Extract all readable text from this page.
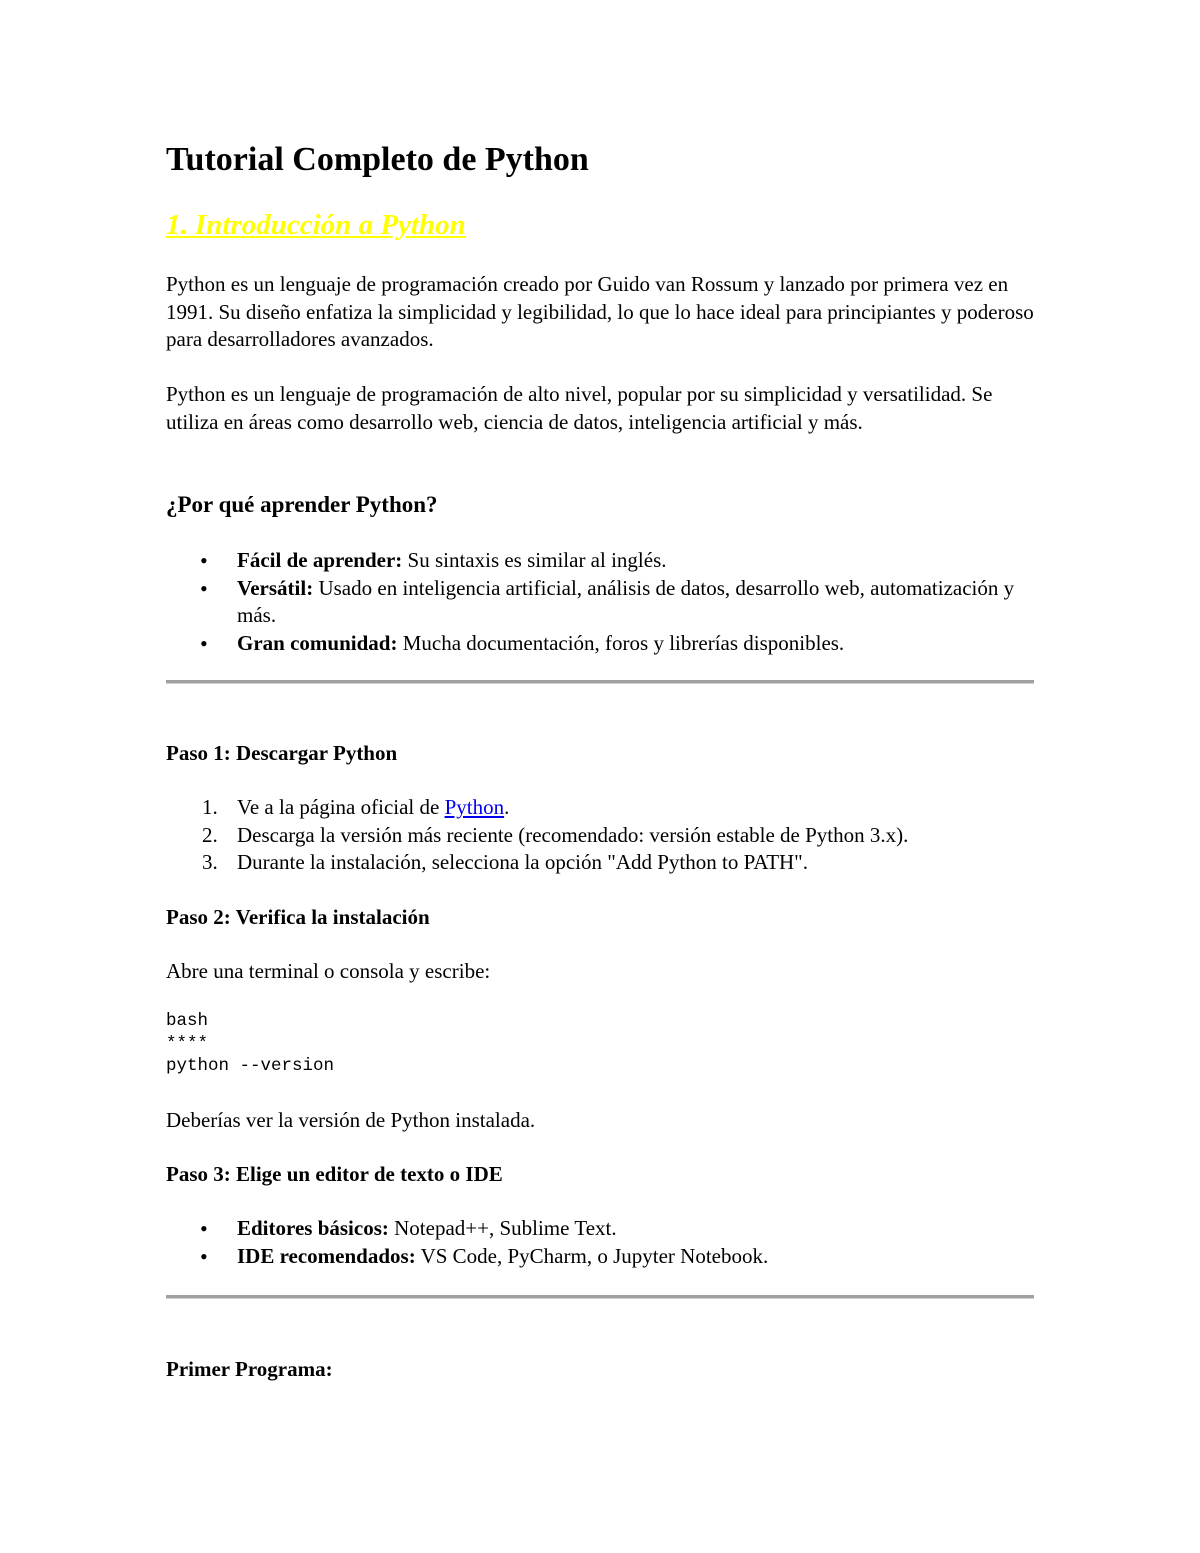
Tutorial Completo de Python
1. Introducción a Python

Python es un lenguaje de programación creado por Guido van Rossum y lanzado por primera vez en 1991. Su diseño enfatiza la simplicidad y legibilidad, lo que lo hace ideal para principiantes y poderoso para desarrolladores avanzados.

Python es un lenguaje de programación de alto nivel, popular por su simplicidad y versatilidad. Se utiliza en áreas como desarrollo web, ciencia de datos, inteligencia artificial y más.

¿Por qué aprender Python?
• Fácil de aprender: Su sintaxis es similar al inglés.
• Versátil: Usado en inteligencia artificial, análisis de datos, desarrollo web, automatización y más.
• Gran comunidad: Mucha documentación, foros y librerías disponibles.
Paso 1: Descargar Python
1. Ve a la página oficial de Python.
2. Descarga la versión más reciente (recomendado: versión estable de Python 3.x).
3. Durante la instalación, selecciona la opción "Add Python to PATH".
Paso 2: Verifica la instalación

Abre una terminal o consola y escribe:

bash
****
python --version

Deberías ver la versión de Python instalada.

Paso 3: Elige un editor de texto o IDE
• Editores básicos: Notepad++, Sublime Text.
• IDE recomendados: VS Code, PyCharm, o Jupyter Notebook.
Primer Programa:
